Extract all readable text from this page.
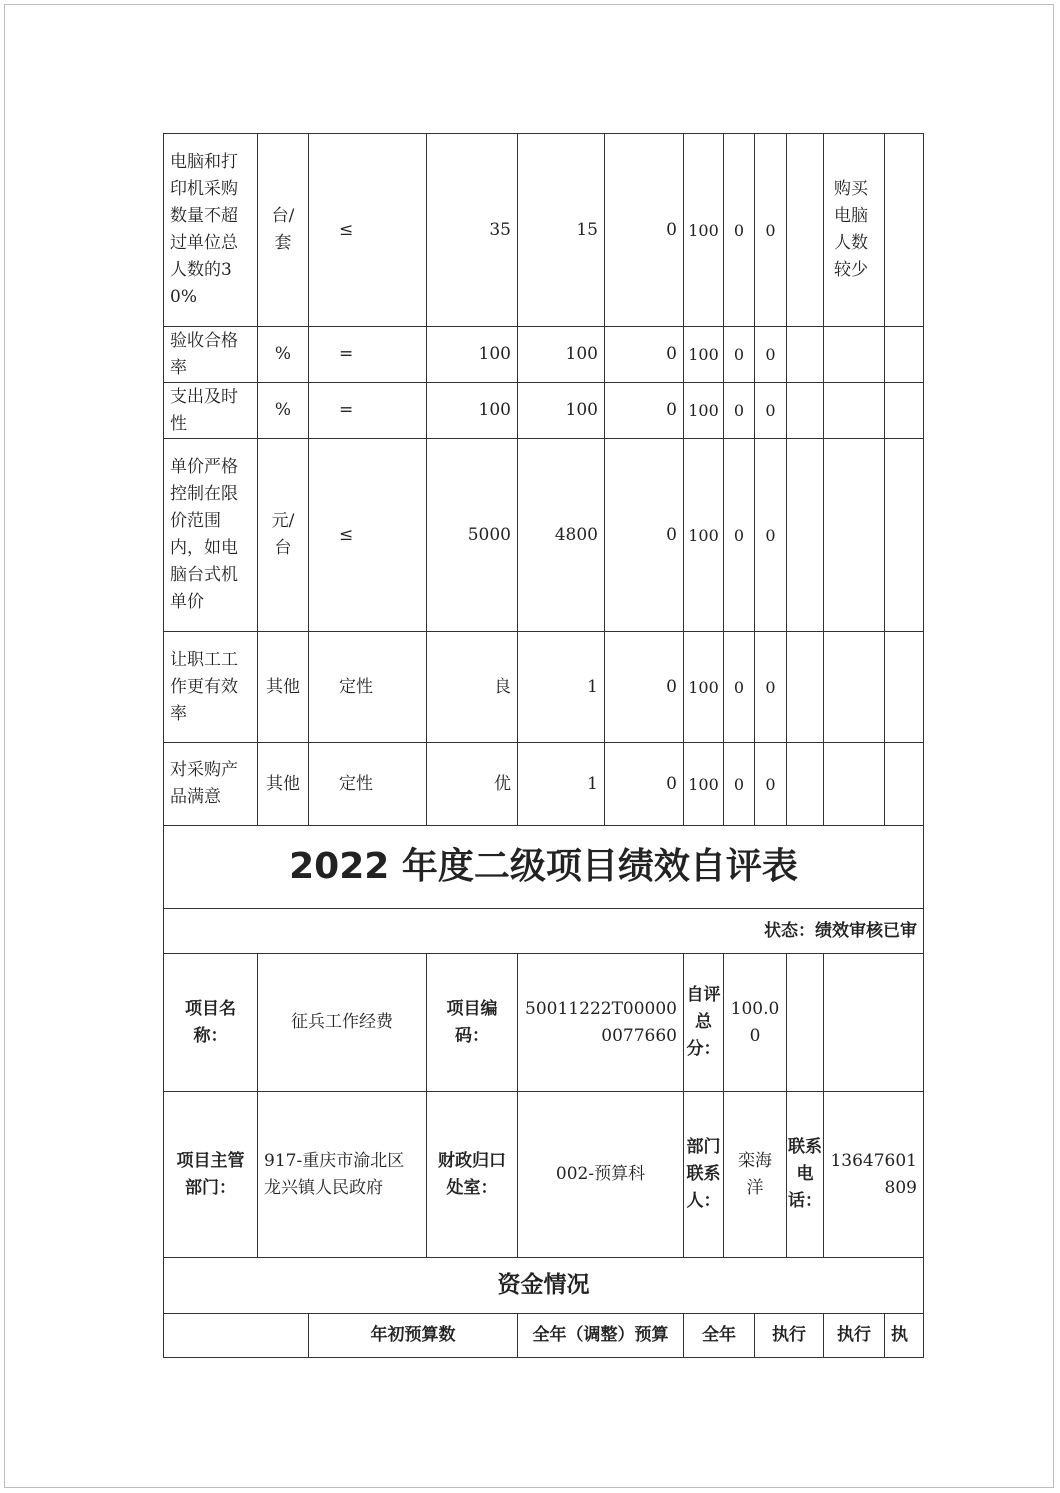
电脑和打印机采购数量不超过单位总人数的30%	台/套	≤	35	15	0	100	0	0		购买电脑人数较少	
验收合格率	%	=	100	100	0	100	0	0			
支出及时性	%	=	100	100	0	100	0	0			
单价严格控制在限价范围内，如电脑台式机单价	元/台	≤	5000	4800	0	100	0	0			
让职工工作更有效率	其他	定性	良	1	0	100	0	0			
对采购产品满意	其他	定性	优	1	0	100	0	0			
2022 年度二级项目绩效自评表											
状态：绩效审核已审											
项目名称：	征兵工作经费		项目编码：	50011222T000000077660		自评总分：	100.00				
项目主管部门：	917-重庆市渝北区龙兴镇人民政府		财政归口处室：	002-预算科		部门联系人：	栾海洋		联系电话：	13647601809	
资金情况											
		年初预算数		全年（调整）预算		全年		执行		执行	执
